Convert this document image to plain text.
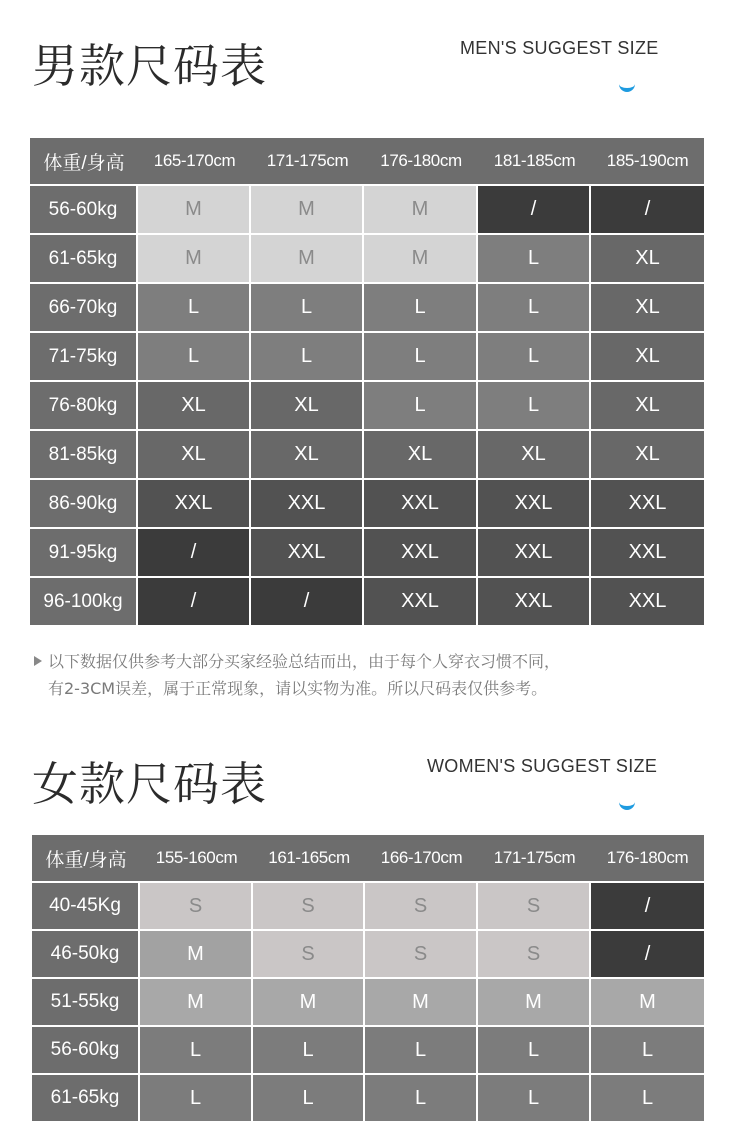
男款尺码表	MEN'S SUGGEST SIZE
体重/身高	165-170cm	171-175cm	176-180cm	181-185cm	185-190cm
56-60kg	M	M	M	/	/
61-65kg	M	M	M	L	XL
66-70kg	L	L	L	L	XL
71-75kg	L	L	L	L	XL
76-80kg	XL	XL	L	L	XL
81-85kg	XL	XL	XL	XL	XL
86-90kg	XXL	XXL	XXL	XXL	XXL
91-95kg	/	XXL	XXL	XXL	XXL
96-100kg	/	/	XXL	XXL	XXL
以下数据仅供参考大部分买家经验总结而出，由于每个人穿衣习惯不同，
有2-3CM误差，属于正常现象，请以实物为准。所以尺码表仅供参考。
女款尺码表	WOMEN'S SUGGEST SIZE
体重/身高	155-160cm	161-165cm	166-170cm	171-175cm	176-180cm
40-45Kg	S	S	S	S	/
46-50kg	M	S	S	S	/
51-55kg	M	M	M	M	M
56-60kg	L	L	L	L	L
61-65kg	L	L	L	L	L
